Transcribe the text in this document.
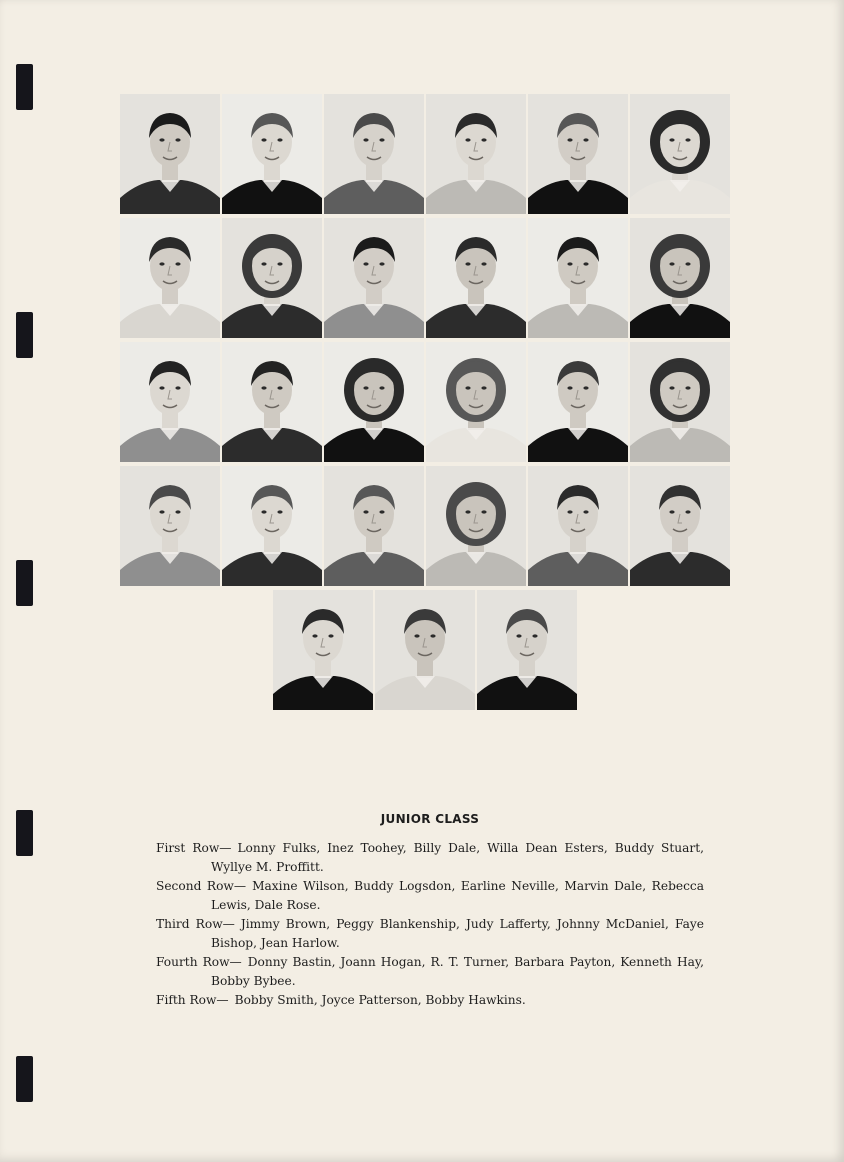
JUNIOR CLASS

First Row— Lonny Fulks, Inez Toohey, Billy Dale, Willa Dean Esters, Buddy Stuart, Wyllye M. Proffitt.

Second Row— Maxine Wilson, Buddy Logsdon, Earline Neville, Marvin Dale, Rebecca Lewis, Dale Rose.

Third Row— Jimmy Brown, Peggy Blankenship, Judy Lafferty, Johnny McDaniel, Faye Bishop, Jean Harlow.

Fourth Row— Donny Bastin, Joann Hogan, R. T. Turner, Barbara Payton, Kenneth Hay, Bobby Bybee.

Fifth Row— Bobby Smith, Joyce Patterson, Bobby Hawkins.
